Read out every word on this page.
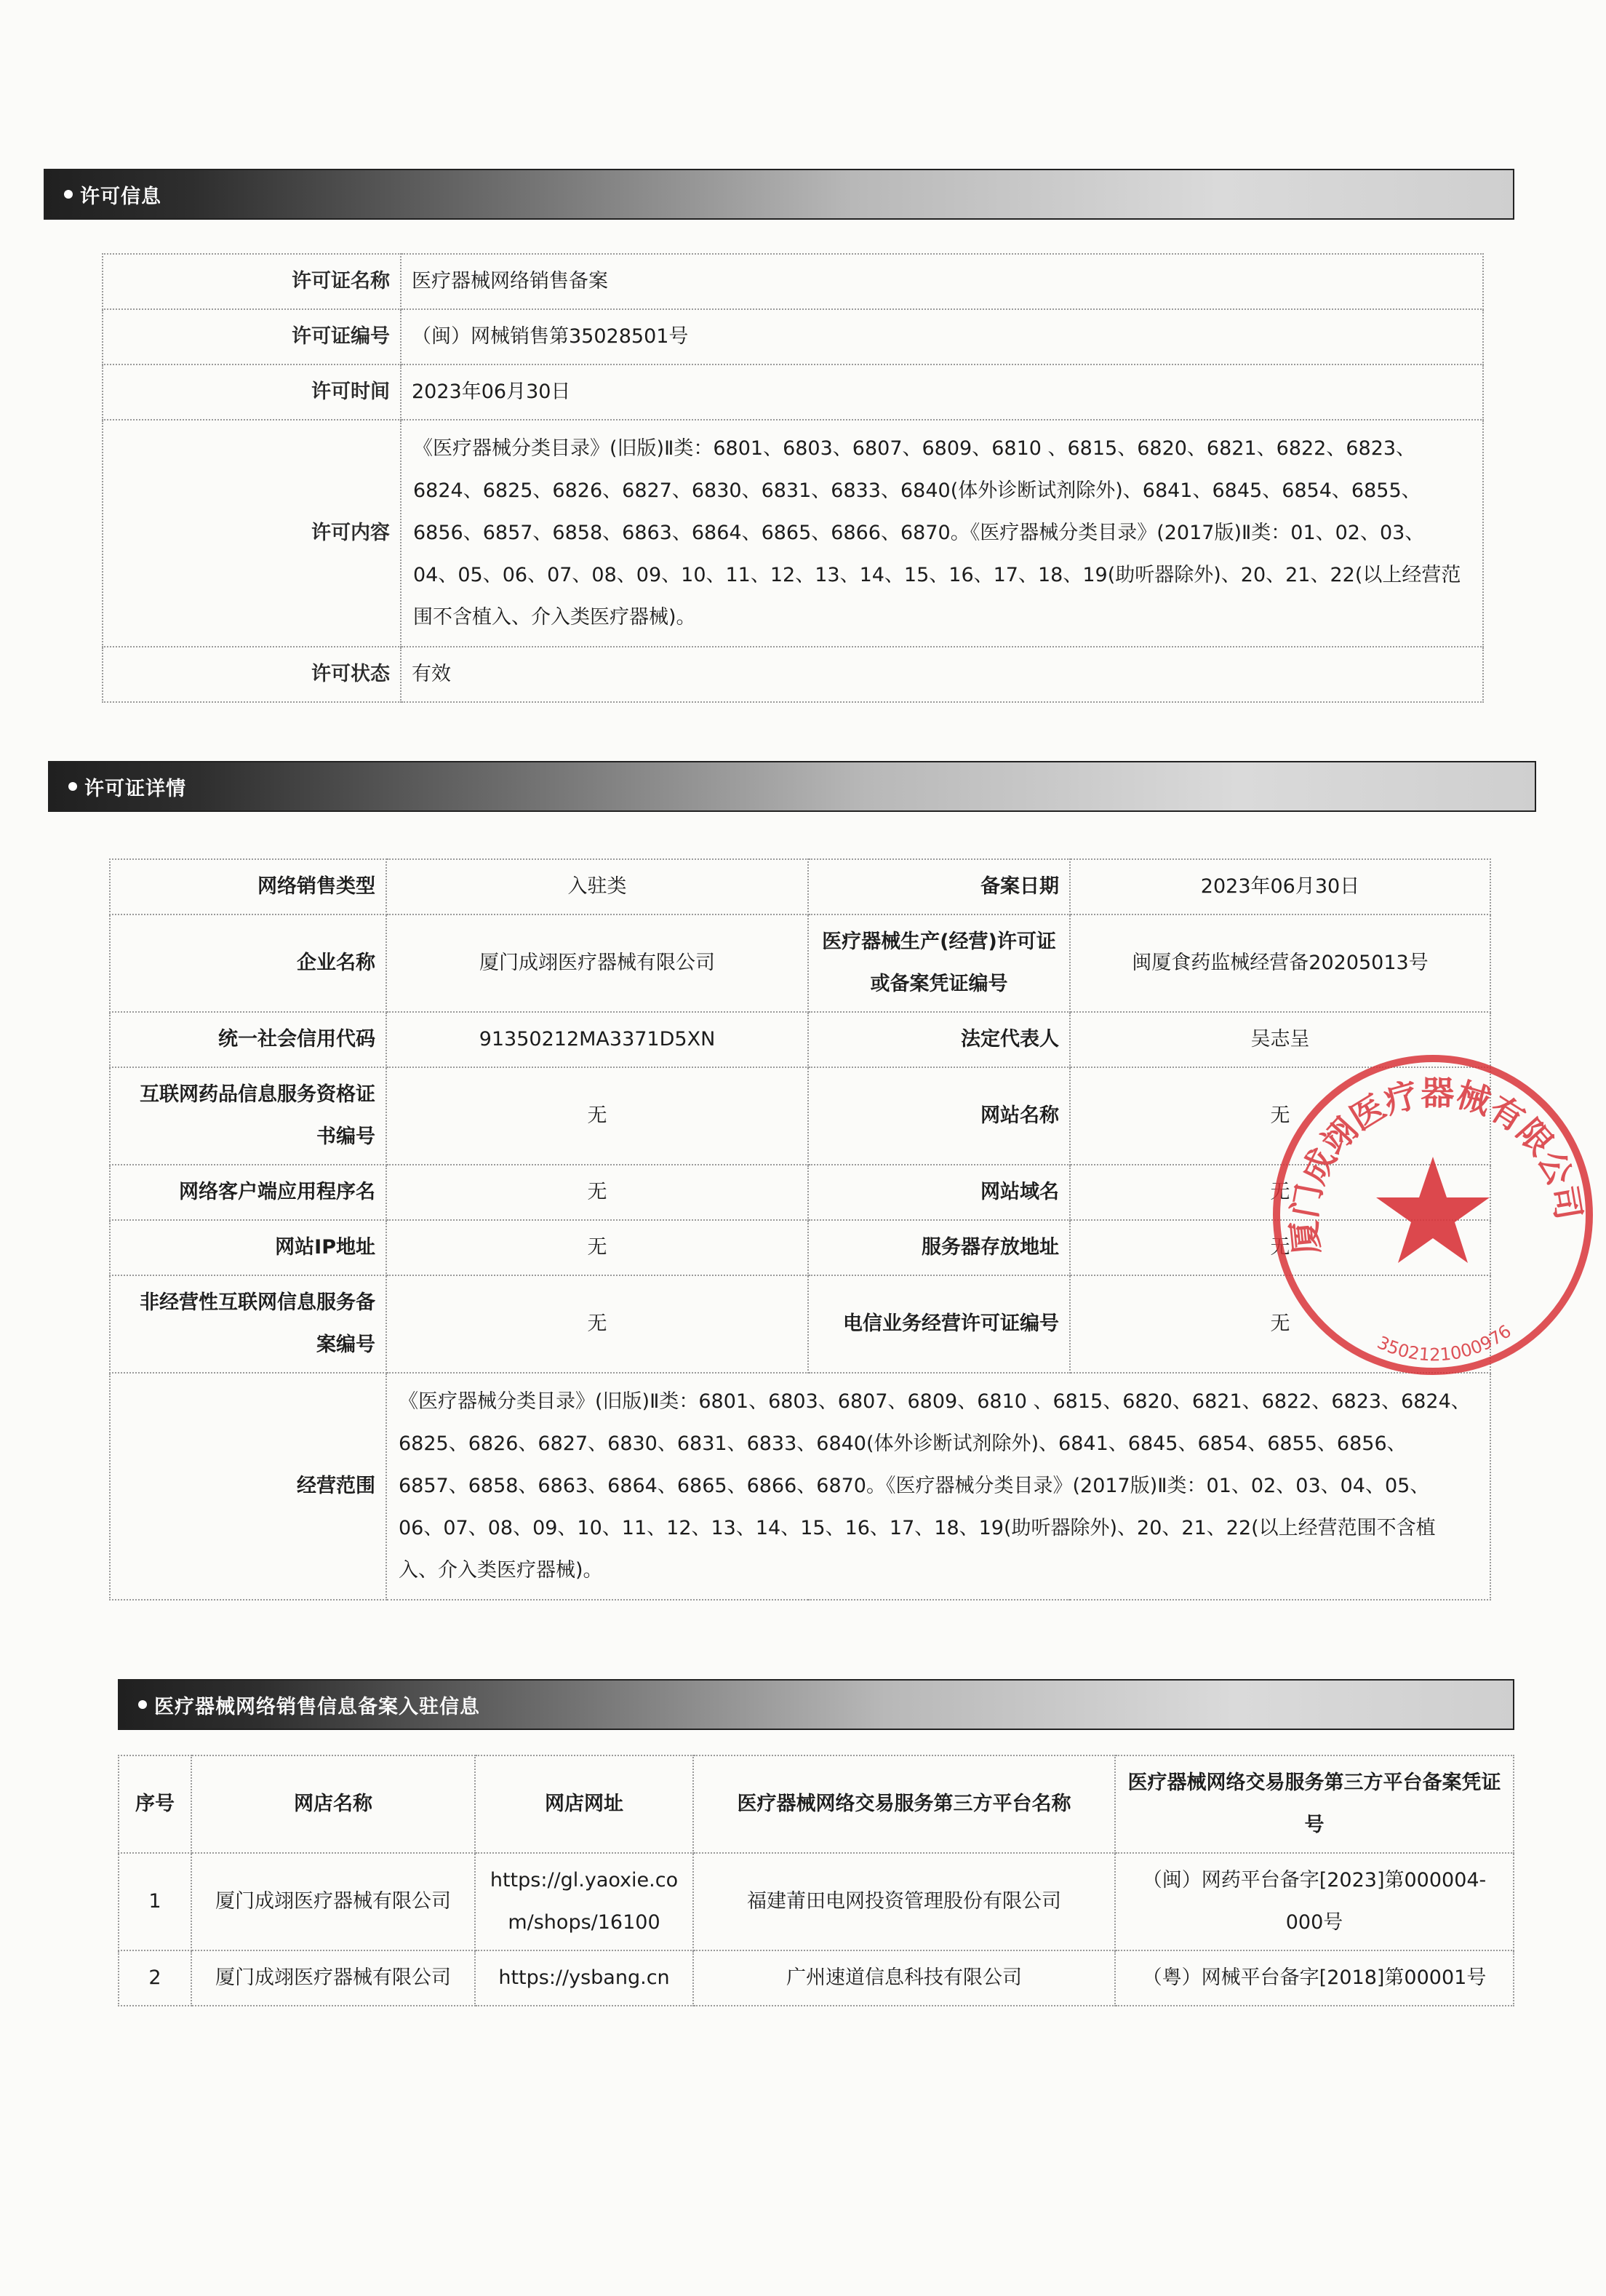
许可信息
许可证名称	医疗器械网络销售备案
许可证编号	（闽）网械销售第35028501号
许可时间	2023年06月30日
许可内容	《医疗器械分类目录》(旧版)Ⅱ类：6801、6803、6807、6809、6810 、6815、6820、6821、6822、6823、6824、6825、6826、6827、6830、6831、6833、6840(体外诊断试剂除外)、6841、6845、6854、6855、6856、6857、6858、6863、6864、6865、6866、6870。《医疗器械分类目录》(2017版)Ⅱ类：01、02、03、04、05、06、07、08、09、10、11、12、13、14、15、16、17、18、19(助听器除外)、20、21、22(以上经营范围不含植入、介入类医疗器械)。
许可状态	有效
许可证详情
网络销售类型	入驻类	备案日期	2023年06月30日
企业名称	厦门成翊医疗器械有限公司	医疗器械生产(经营)许可证或备案凭证编号	闽厦食药监械经营备20205013号
统一社会信用代码	91350212MA3371D5XN	法定代表人	吴志呈
互联网药品信息服务资格证书编号	无	网站名称	无
网络客户端应用程序名	无	网站域名	无
网站IP地址	无	服务器存放地址	无
非经营性互联网信息服务备案编号	无	电信业务经营许可证编号	无
经营范围	《医疗器械分类目录》(旧版)Ⅱ类：6801、6803、6807、6809、6810 、6815、6820、6821、6822、6823、6824、6825、6826、6827、6830、6831、6833、6840(体外诊断试剂除外)、6841、6845、6854、6855、6856、6857、6858、6863、6864、6865、6866、6870。《医疗器械分类目录》(2017版)Ⅱ类：01、02、03、04、05、06、07、08、09、10、11、12、13、14、15、16、17、18、19(助听器除外)、20、21、22(以上经营范围不含植入、介入类医疗器械)。		
医疗器械网络销售信息备案入驻信息
序号	网店名称	网店网址	医疗器械网络交易服务第三方平台名称	医疗器械网络交易服务第三方平台备案凭证号
1	厦门成翊医疗器械有限公司	https://gl.yaoxie.com/shops/16100	福建莆田电网投资管理股份有限公司	（闽）网药平台备字[2023]第000004-000号
2	厦门成翊医疗器械有限公司	https://ysbang.cn	广州速道信息科技有限公司	（粤）网械平台备字[2018]第00001号
厦门成翊医疗器械有限公司
3502121000976
